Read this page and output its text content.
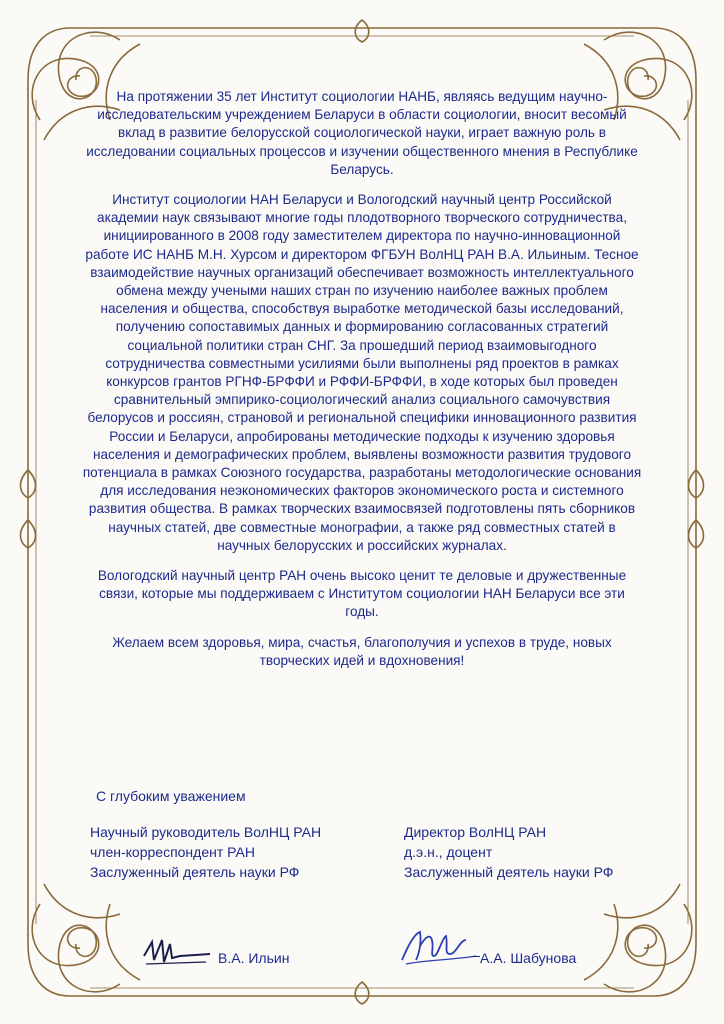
На протяжении 35 лет Институт социологии НАНБ, являясь ведущим научно-исследовательским учреждением Беларуси в области социологии, вносит весомый вклад в развитие белорусской социологической науки, играет важную роль в исследовании социальных процессов и изучении общественного мнения в Республике Беларусь.

Институт социологии НАН Беларуси и Вологодский научный центр Российской академии наук связывают многие годы плодотворного творческого сотрудничества, инициированного в 2008 году заместителем директора по научно-инновационной работе ИС НАНБ М.Н. Хурсом и директором ФГБУН ВолНЦ РАН В.А. Ильиным. Тесное взаимодействие научных организаций обеспечивает возможность интеллектуального обмена между учеными наших стран по изучению наиболее важных проблем населения и общества, способствуя выработке методической базы исследований, получению сопоставимых данных и формированию согласованных стратегий социальной политики стран СНГ. За прошедший период взаимовыгодного сотрудничества совместными усилиями были выполнены ряд проектов в рамках конкурсов грантов РГНФ-БРФФИ и РФФИ-БРФФИ, в ходе которых был проведен сравнительный эмпирико-социологический анализ социального самочувствия белорусов и россиян, страновой и региональной специфики инновационного развития России и Беларуси, апробированы методические подходы к изучению здоровья населения и демографических проблем, выявлены возможности развития трудового потенциала в рамках Союзного государства, разработаны методологические основания для исследования неэкономических факторов экономического роста и системного развития общества. В рамках творческих взаимосвязей подготовлены пять сборников научных статей, две совместные монографии, а также ряд совместных статей в научных белорусских и российских журналах.

Вологодский научный центр РАН очень высоко ценит те деловые и дружественные связи, которые мы поддерживаем с Институтом социологии НАН Беларуси все эти годы.

Желаем всем здоровья, мира, счастья, благополучия и успехов в труде, новых творческих идей и вдохновения!

С глубоким уважением
Научный руководитель ВолНЦ РАН
член-корреспондент РАН
Заслуженный деятель науки РФ
Директор ВолНЦ РАН
д.э.н., доцент
Заслуженный деятель науки РФ
В.А. Ильин	А.А. Шабунова
